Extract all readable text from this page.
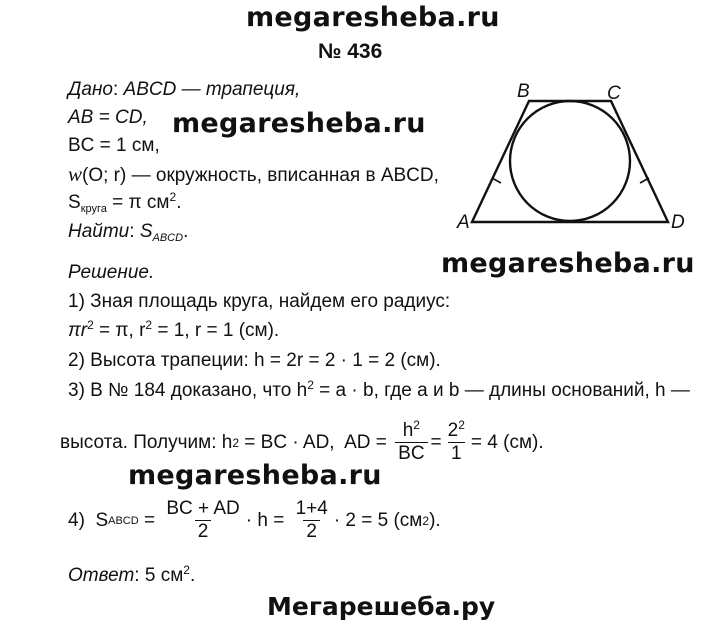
megaresheba.ru
№ 436
Дано: ABCD — трапеция,
AB = CD, megaresheba.ru
BC = 1 см,
w(O; r) — окружность, вписанная в ABCD,
$S_{круга} = \pi$ $см^2$.
Найти: $S_{ABCD}$.	A
B	C
D
megaresheba.ru
Решение.
1) Зная площадь круга, найдем его радиус:
$\pi r^2 = \pi$, $r^2 = 1$, r = 1 (см).
2) Высота трапеции: h = 2r = 2 · 1 = 2 (см).
3) В № 184 доказано, что $h^2 = a \cdot b$, где a и b — длины оснований, h —
высота. Получим: h 2 = BC · AD,  AD = $\frac{h^2}{BC} = \frac{2^2}{1} = 4$ (см).
megaresheba.ru
4)  S ABCD = $\frac{BC + AD}{2} \cdot h = \frac{1+4}{2} \cdot 2 = 5$ (см 2 ).
Ответ: 5 $см^2$.
Мегарешеба.ру
